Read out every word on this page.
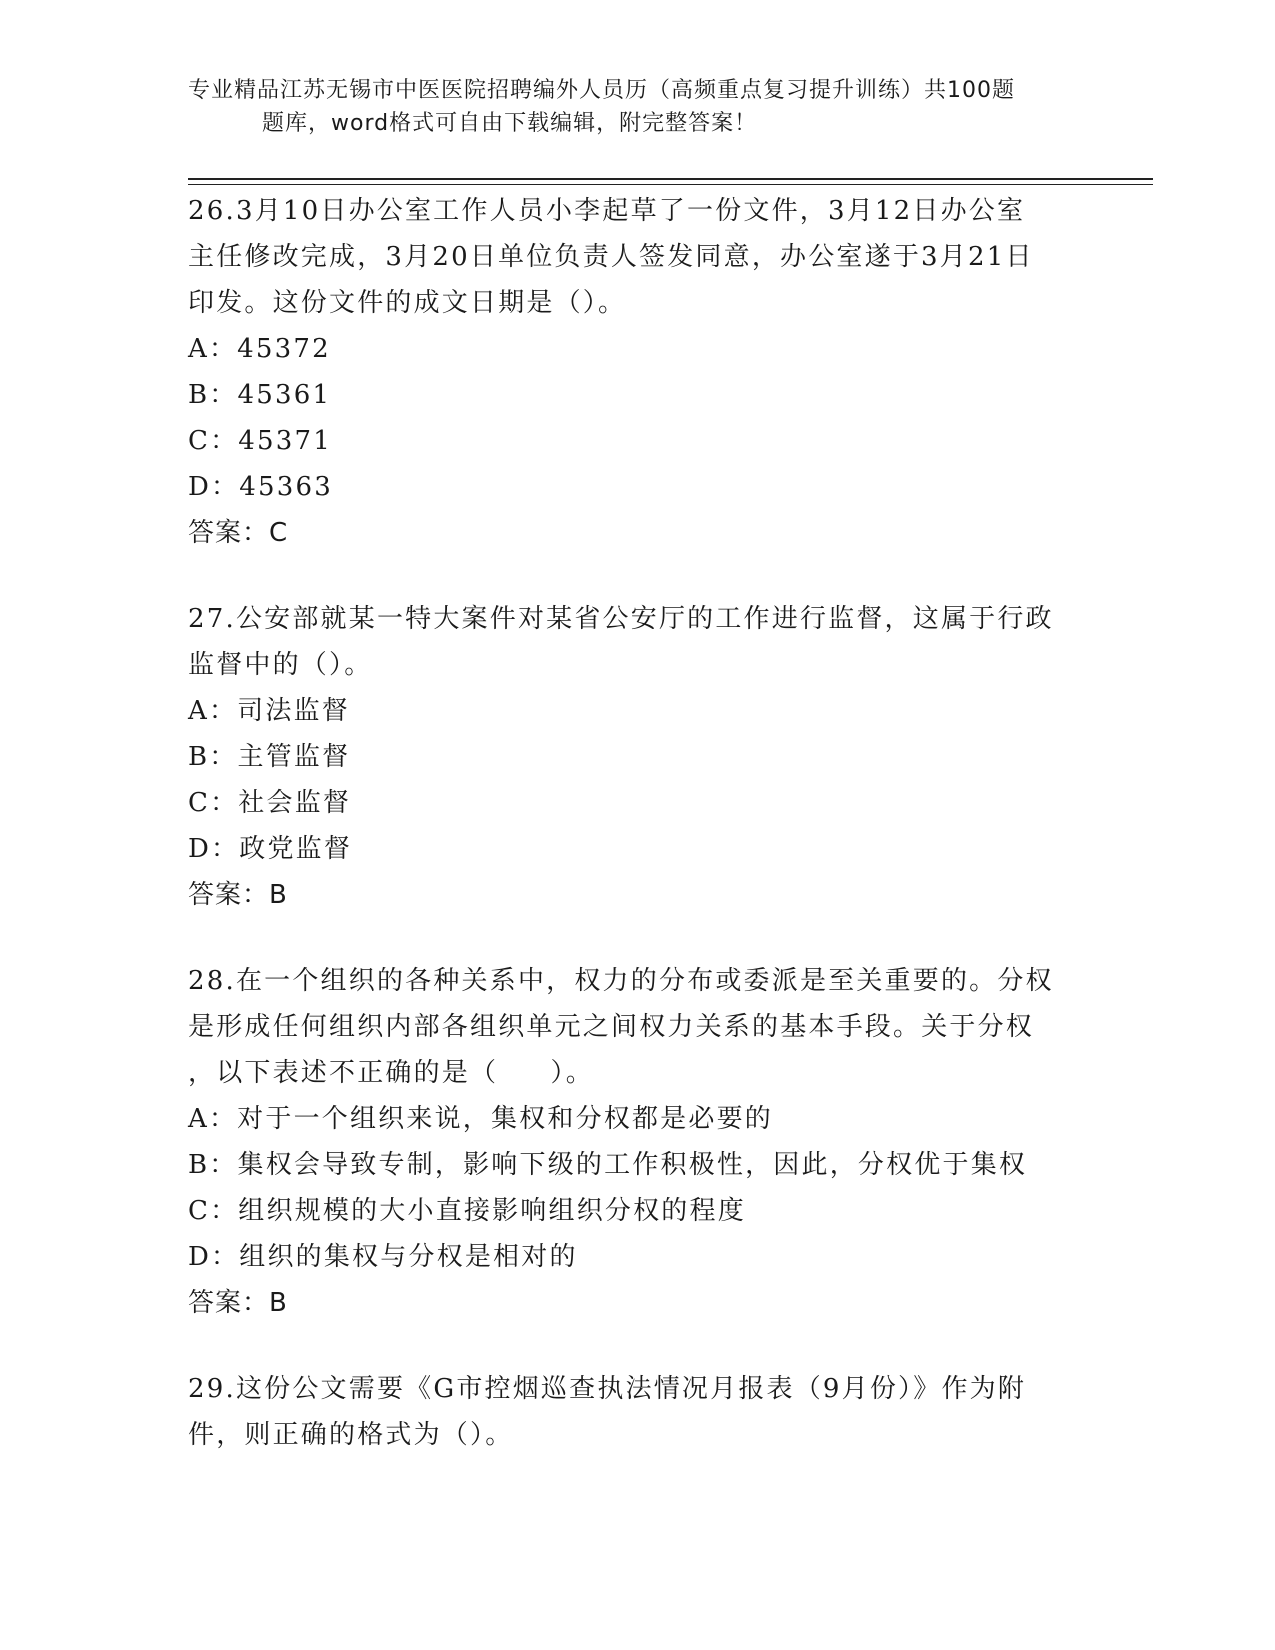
专业精品江苏无锡市中医医院招聘编外人员历（高频重点复习提升训练）共100题
题库，word格式可自由下载编辑，附完整答案！
26.3月10日办公室工作人员小李起草了一份文件，3月12日办公室
主任修改完成，3月20日单位负责人签发同意，办公室遂于3月21日
印发。这份文件的成文日期是（）。
A：45372
B：45361
C：45371
D：45363
答案：C
27.公安部就某一特大案件对某省公安厅的工作进行监督，这属于行政
监督中的（）。
A：司法监督
B：主管监督
C：社会监督
D：政党监督
答案：B
28.在一个组织的各种关系中，权力的分布或委派是至关重要的。分权
是形成任何组织内部各组织单元之间权力关系的基本手段。关于分权
，以下表述不正确的是（     ）。
A：对于一个组织来说，集权和分权都是必要的
B：集权会导致专制，影响下级的工作积极性，因此，分权优于集权
C：组织规模的大小直接影响组织分权的程度
D：组织的集权与分权是相对的
答案：B
29.这份公文需要《G市控烟巡查执法情况月报表（9月份）》作为附
件，则正确的格式为（）。
